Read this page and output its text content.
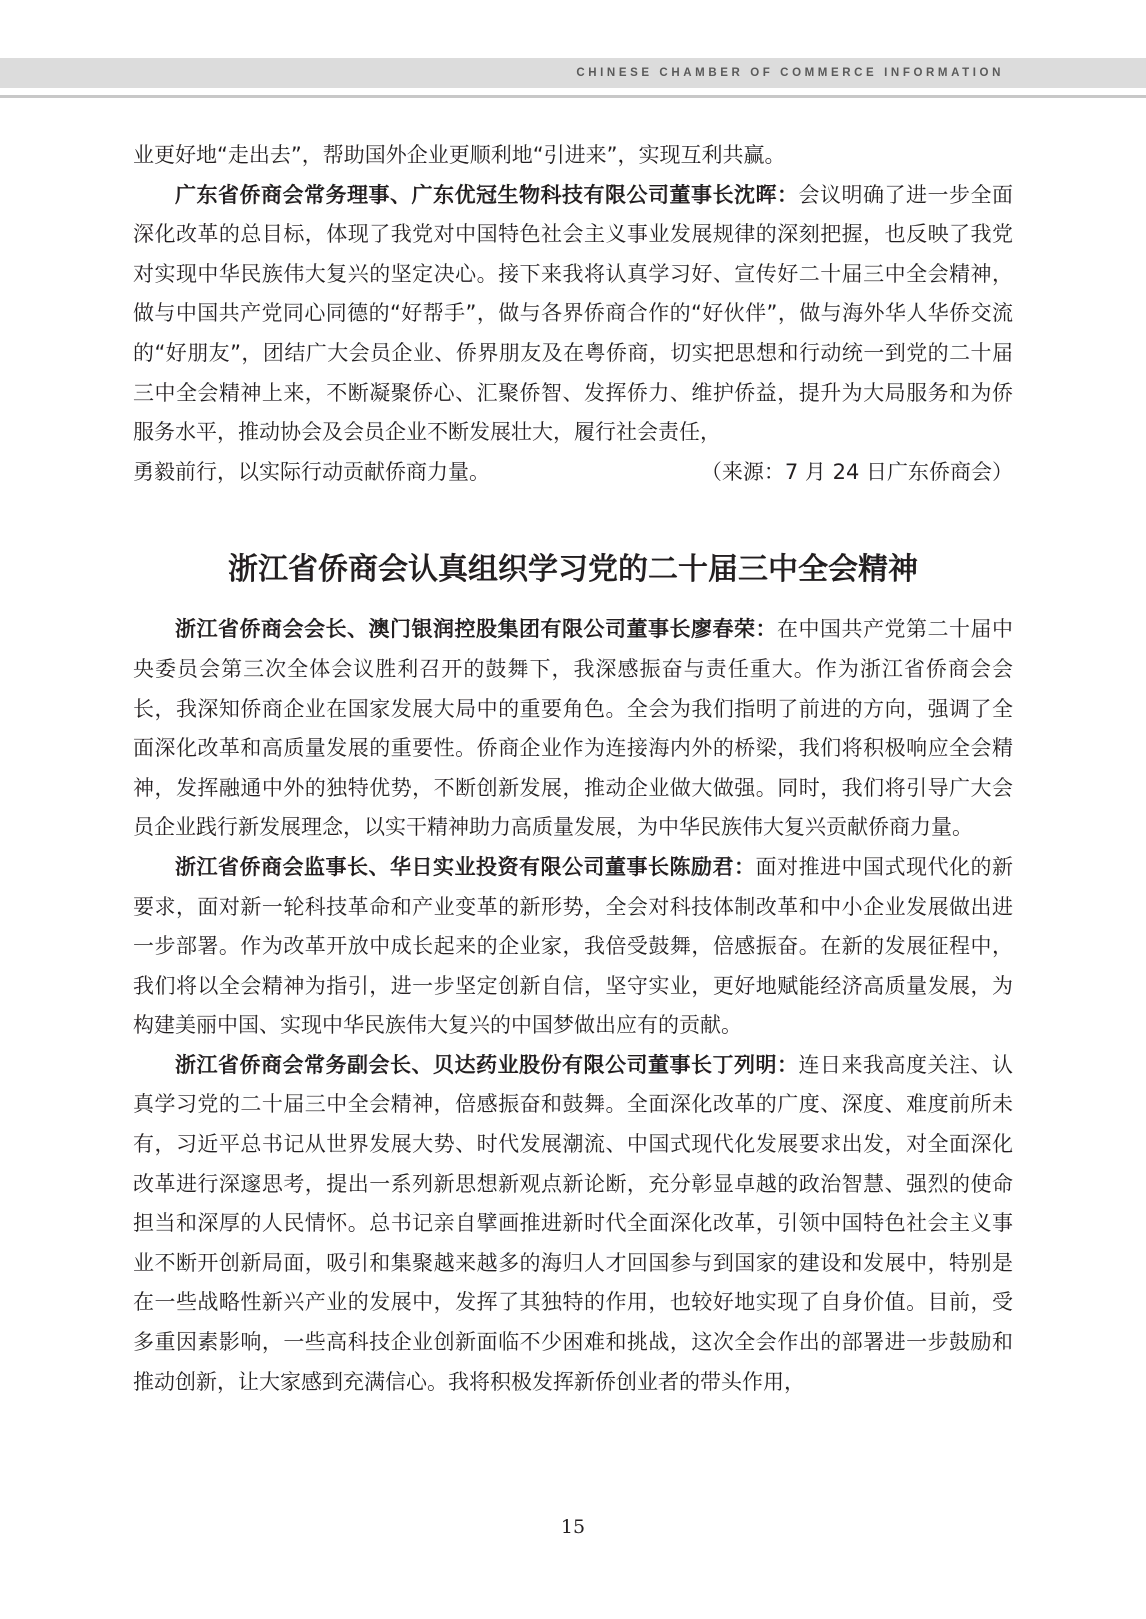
CHINESE CHAMBER OF COMMERCE INFORMATION

业更好地“走出去”，帮助国外企业更顺利地“引进来”，实现互利共赢。

广东省侨商会常务理事、广东优冠生物科技有限公司董事长沈晖：会议明确了进一步全面深化改革的总目标，体现了我党对中国特色社会主义事业发展规律的深刻把握，也反映了我党对实现中华民族伟大复兴的坚定决心。接下来我将认真学习好、宣传好二十届三中全会精神，做与中国共产党同心同德的“好帮手”，做与各界侨商合作的“好伙伴”，做与海外华人华侨交流的“好朋友”，团结广大会员企业、侨界朋友及在粤侨商，切实把思想和行动统一到党的二十届三中全会精神上来，不断凝聚侨心、汇聚侨智、发挥侨力、维护侨益，提升为大局服务和为侨服务水平，推动协会及会员企业不断发展壮大，履行社会责任，

勇毅前行，以实际行动贡献侨商力量。	（来源：7 月 24 日广东侨商会）
浙江省侨商会认真组织学习党的二十届三中全会精神

浙江省侨商会会长、澳门银润控股集团有限公司董事长廖春荣：在中国共产党第二十届中央委员会第三次全体会议胜利召开的鼓舞下，我深感振奋与责任重大。作为浙江省侨商会会长，我深知侨商企业在国家发展大局中的重要角色。全会为我们指明了前进的方向，强调了全面深化改革和高质量发展的重要性。侨商企业作为连接海内外的桥梁，我们将积极响应全会精神，发挥融通中外的独特优势，不断创新发展，推动企业做大做强。同时，我们将引导广大会员企业践行新发展理念，以实干精神助力高质量发展，为中华民族伟大复兴贡献侨商力量。

浙江省侨商会监事长、华日实业投资有限公司董事长陈励君：面对推进中国式现代化的新要求，面对新一轮科技革命和产业变革的新形势，全会对科技体制改革和中小企业发展做出进一步部署。作为改革开放中成长起来的企业家，我倍受鼓舞，倍感振奋。在新的发展征程中，我们将以全会精神为指引，进一步坚定创新自信，坚守实业，更好地赋能经济高质量发展，为构建美丽中国、实现中华民族伟大复兴的中国梦做出应有的贡献。

浙江省侨商会常务副会长、贝达药业股份有限公司董事长丁列明：连日来我高度关注、认真学习党的二十届三中全会精神，倍感振奋和鼓舞。全面深化改革的广度、深度、难度前所未有，习近平总书记从世界发展大势、时代发展潮流、中国式现代化发展要求出发，对全面深化改革进行深邃思考，提出一系列新思想新观点新论断，充分彰显卓越的政治智慧、强烈的使命担当和深厚的人民情怀。总书记亲自擘画推进新时代全面深化改革，引领中国特色社会主义事业不断开创新局面，吸引和集聚越来越多的海归人才回国参与到国家的建设和发展中，特别是在一些战略性新兴产业的发展中，发挥了其独特的作用，也较好地实现了自身价值。目前，受多重因素影响，一些高科技企业创新面临不少困难和挑战，这次全会作出的部署进一步鼓励和推动创新，让大家感到充满信心。我将积极发挥新侨创业者的带头作用，

15
